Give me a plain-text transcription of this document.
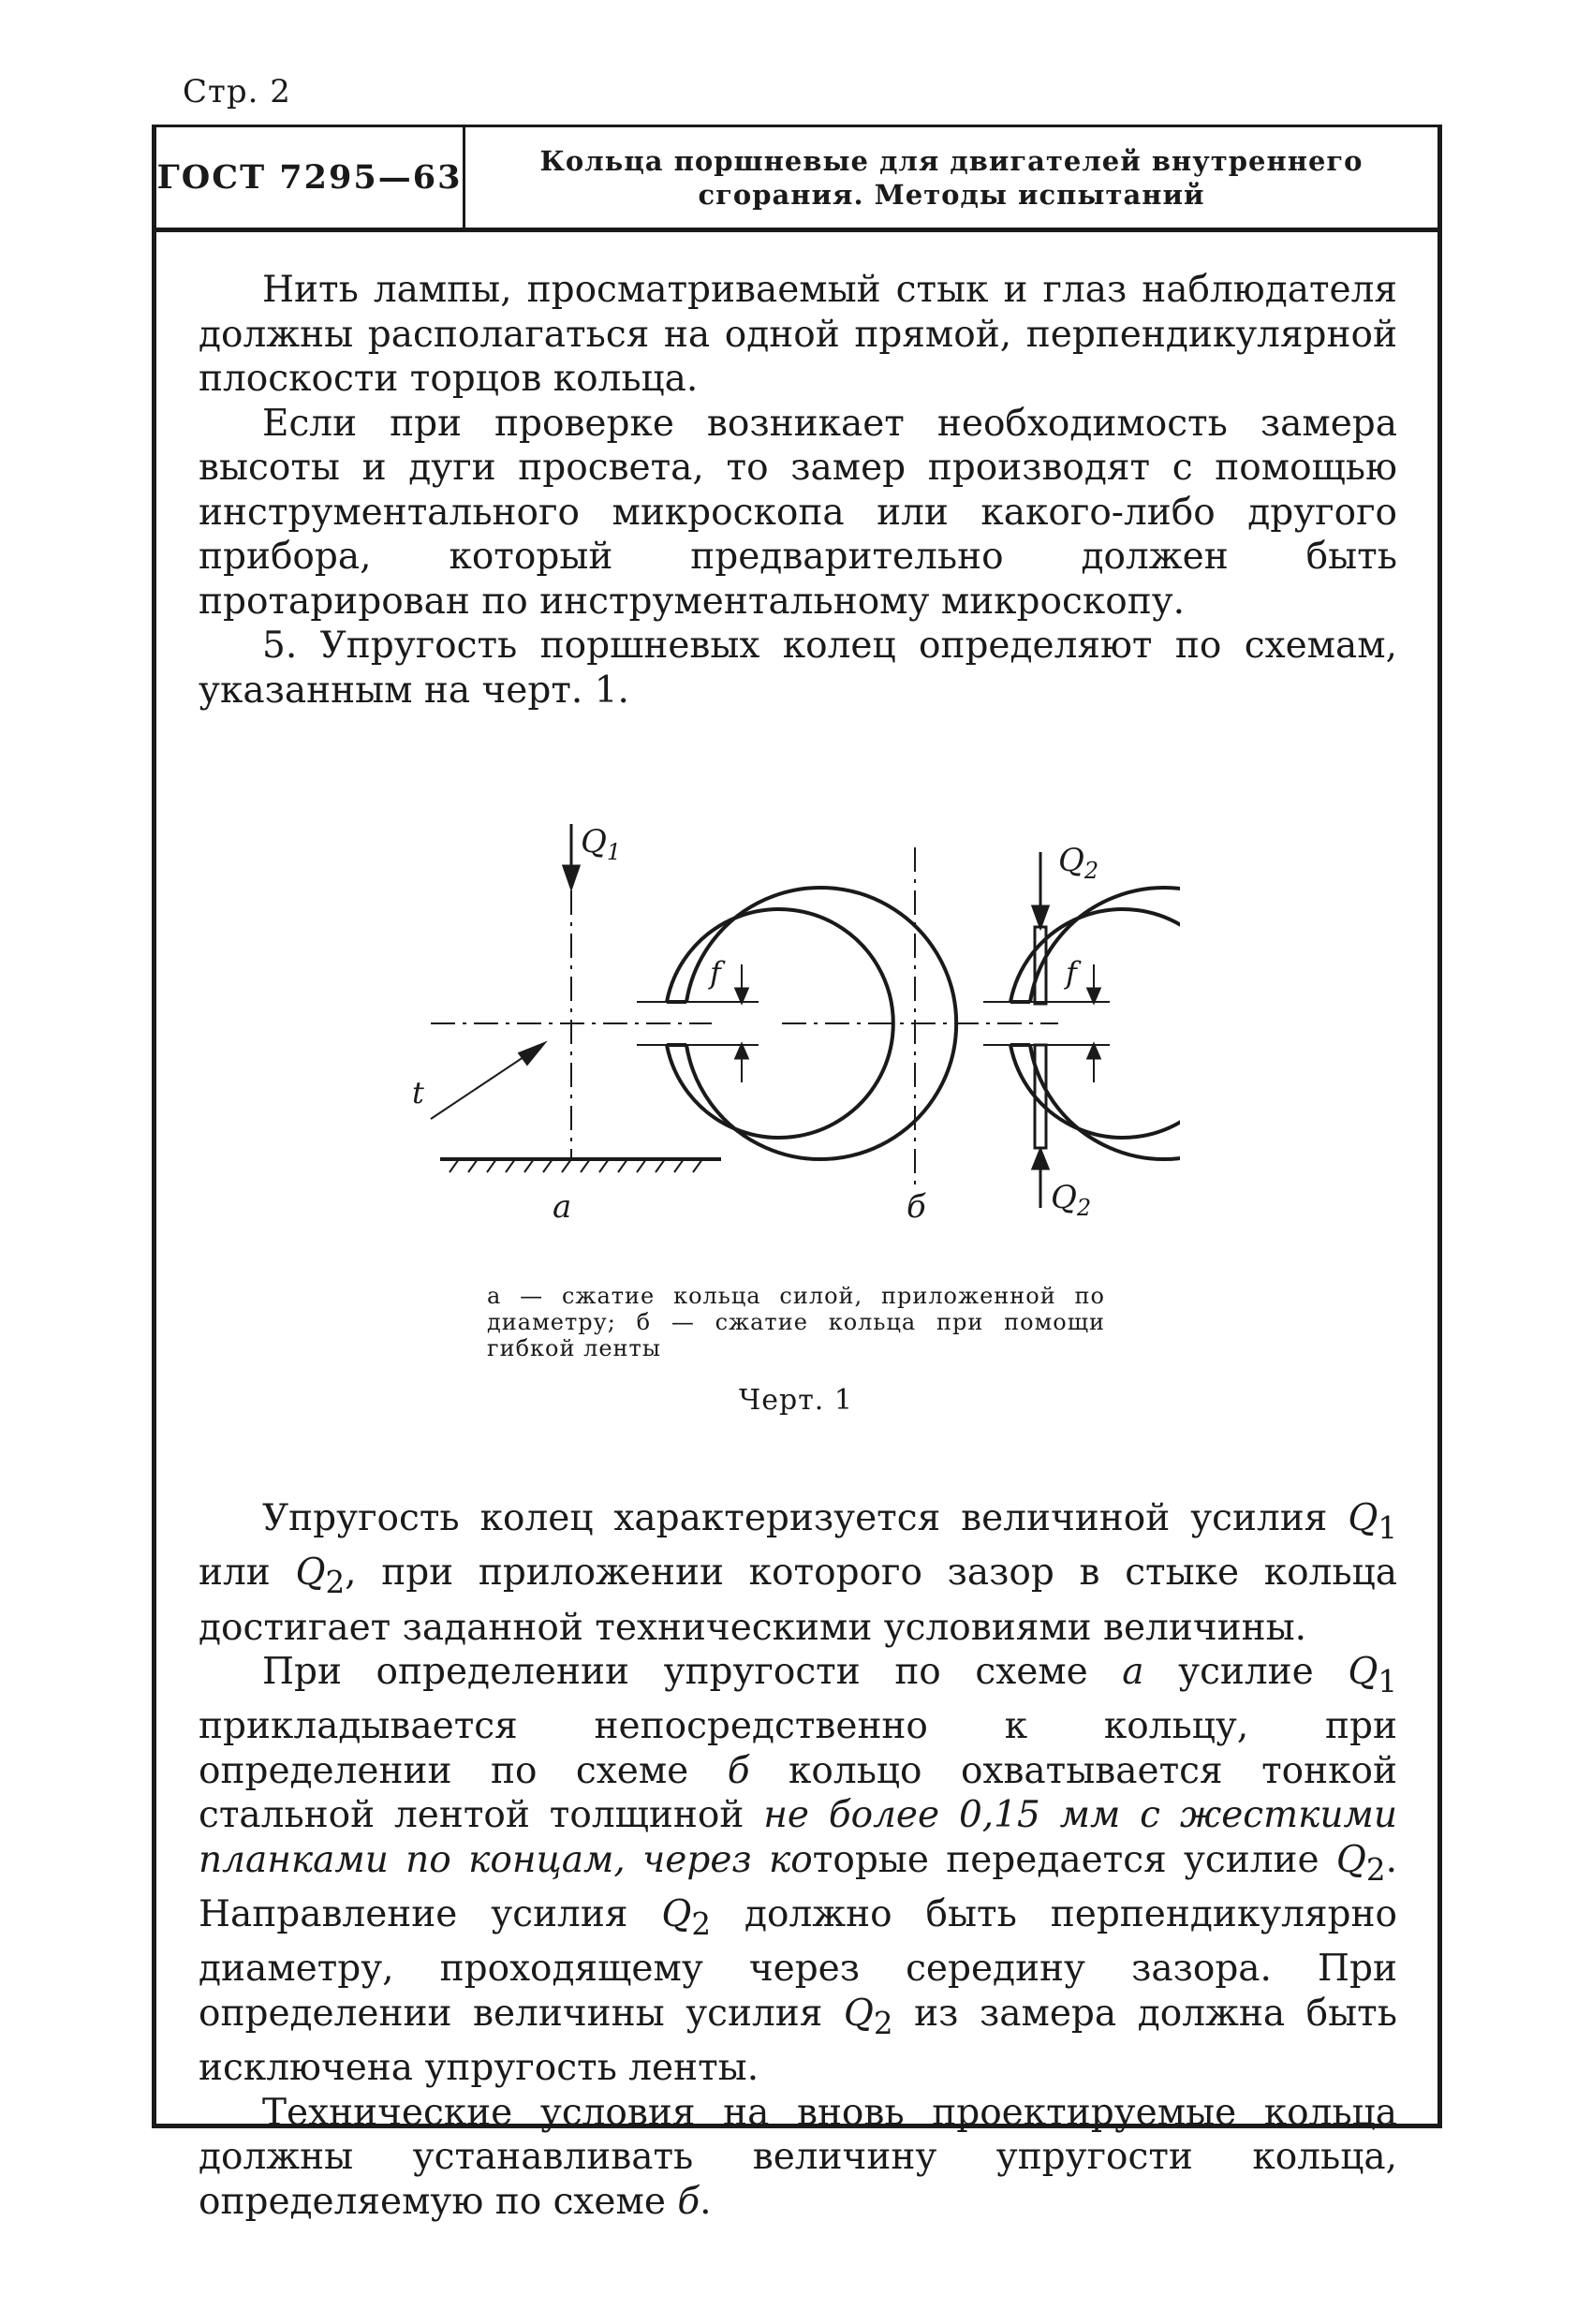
Стр. 2
ГОСТ 7295—63	Кольца поршневые для двигателей внутреннего
сгорания. Методы испытаний

Нить лампы, просматриваемый стык и глаз наблюдателя должны располагаться на одной прямой, перпендикулярной плоскости торцов кольца.

Если при проверке возникает необходимость замера высоты и дуги просвета, то замер производят с помощью инструментального микроскопа или какого-либо другого прибора, который предварительно должен быть протарирован по инструментальному микроскопу.

5. Упругость поршневых колец определяют по схемам, указанным на черт. 1.

$Q_1$	$Q_2$
$Q_2$
f	f
t
а	б
а — сжатие кольца силой, приложенной по диаметру; б — сжатие кольца при помощи гибкой ленты
Черт. 1

Упругость колец характеризуется величиной усилия $Q_1$ или $Q_2$, при приложении которого зазор в стыке кольца достигает заданной техническими условиями величины.

При определении упругости по схеме а усилие $Q_1$ прикладывается непосредственно к кольцу, при определении по схеме б кольцо охватывается тонкой стальной лентой толщиной не более 0,15 мм с жесткими планками по концам, через которые передается усилие $Q_2$. Направление усилия $Q_2$ должно быть перпендикулярно диаметру, проходящему через середину зазора. При определении величины усилия $Q_2$ из замера должна быть исключена упругость ленты.

Технические условия на вновь проектируемые кольца должны устанавливать величину упругости кольца, определяемую по схеме б.
